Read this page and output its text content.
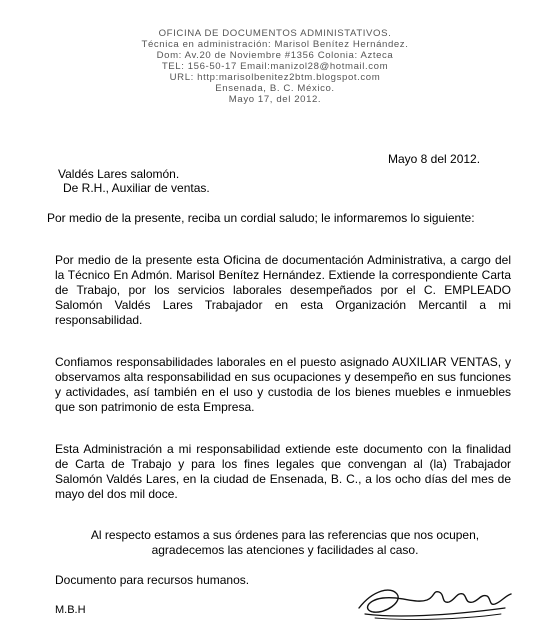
OFICINA DE DOCUMENTOS ADMINISTATIVOS.
Técnica en administración: Marisol Benítez Hernández.
Dom: Av.20 de Noviembre #1356 Colonia: Azteca
TEL: 156-50-17 Email:manizol28@hotmail.com
URL: http:marisolbenitez2btm.blogspot.com
Ensenada, B. C. México.
Mayo 17, del 2012.
Mayo 8 del 2012.
Valdés Lares salomón.
De R.H., Auxiliar de ventas.
Por medio de la presente, reciba un cordial saludo; le informaremos lo siguiente:
Por medio de la presente esta Oficina de documentación Administrativa, a cargo del la Técnico En Admón. Marisol Benítez Hernández. Extiende la correspondiente Carta de Trabajo, por los servicios laborales desempeñados por el C. EMPLEADO Salomón Valdés Lares Trabajador en esta Organización Mercantil a mi responsabilidad.
Confiamos responsabilidades laborales en el puesto asignado AUXILIAR VENTAS, y observamos alta responsabilidad en sus ocupaciones y desempeño en sus funciones y actividades, así también en el uso y custodia de los bienes muebles e inmuebles que son patrimonio de esta Empresa.
Esta Administración a mi responsabilidad extiende este documento con la finalidad de Carta de Trabajo y para los fines legales que convengan al (la) Trabajador Salomón Valdés Lares, en la ciudad de Ensenada, B. C., a los ocho días del mes de mayo del dos mil doce.
Al respecto estamos a sus órdenes para las referencias que nos ocupen,
agradecemos las atenciones y facilidades al caso.
Documento para recursos humanos.
M.B.H
